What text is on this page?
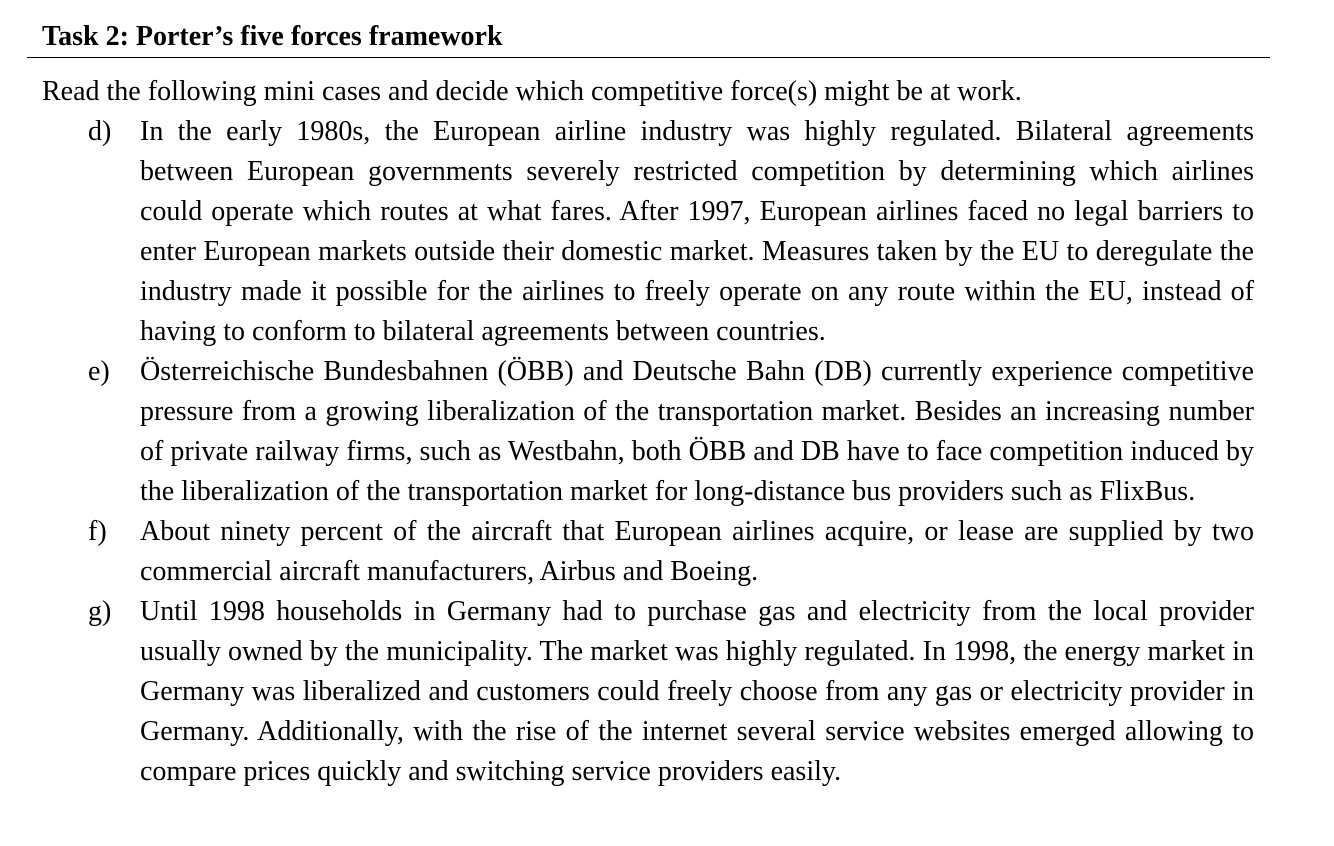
Task 2: Porter’s five forces framework
Read the following mini cases and decide which competitive force(s) might be at work.
d)	In the early 1980s, the European airline industry was highly regulated. Bilateral agreements between European governments severely restricted competition by determining which airlines could operate which routes at what fares. After 1997, European airlines faced no legal barriers to enter European markets outside their domestic market. Measures taken by the EU to deregulate the industry made it possible for the airlines to freely operate on any route within the EU, instead of having to conform to bilateral agreements between countries.
e)	Österreichische Bundesbahnen (ÖBB) and Deutsche Bahn (DB) currently experience competitive pressure from a growing liberalization of the transportation market. Besides an increasing number of private railway firms, such as Westbahn, both ÖBB and DB have to face competition induced by the liberalization of the transportation market for long-distance bus providers such as FlixBus.
f)	About ninety percent of the aircraft that European airlines acquire, or lease are supplied by two commercial aircraft manufacturers, Airbus and Boeing.
g)	Until 1998 households in Germany had to purchase gas and electricity from the local provider usually owned by the municipality. The market was highly regulated. In 1998, the energy market in Germany was liberalized and customers could freely choose from any gas or electricity provider in Germany. Additionally, with the rise of the internet several service websites emerged allowing to compare prices quickly and switching service providers easily.
